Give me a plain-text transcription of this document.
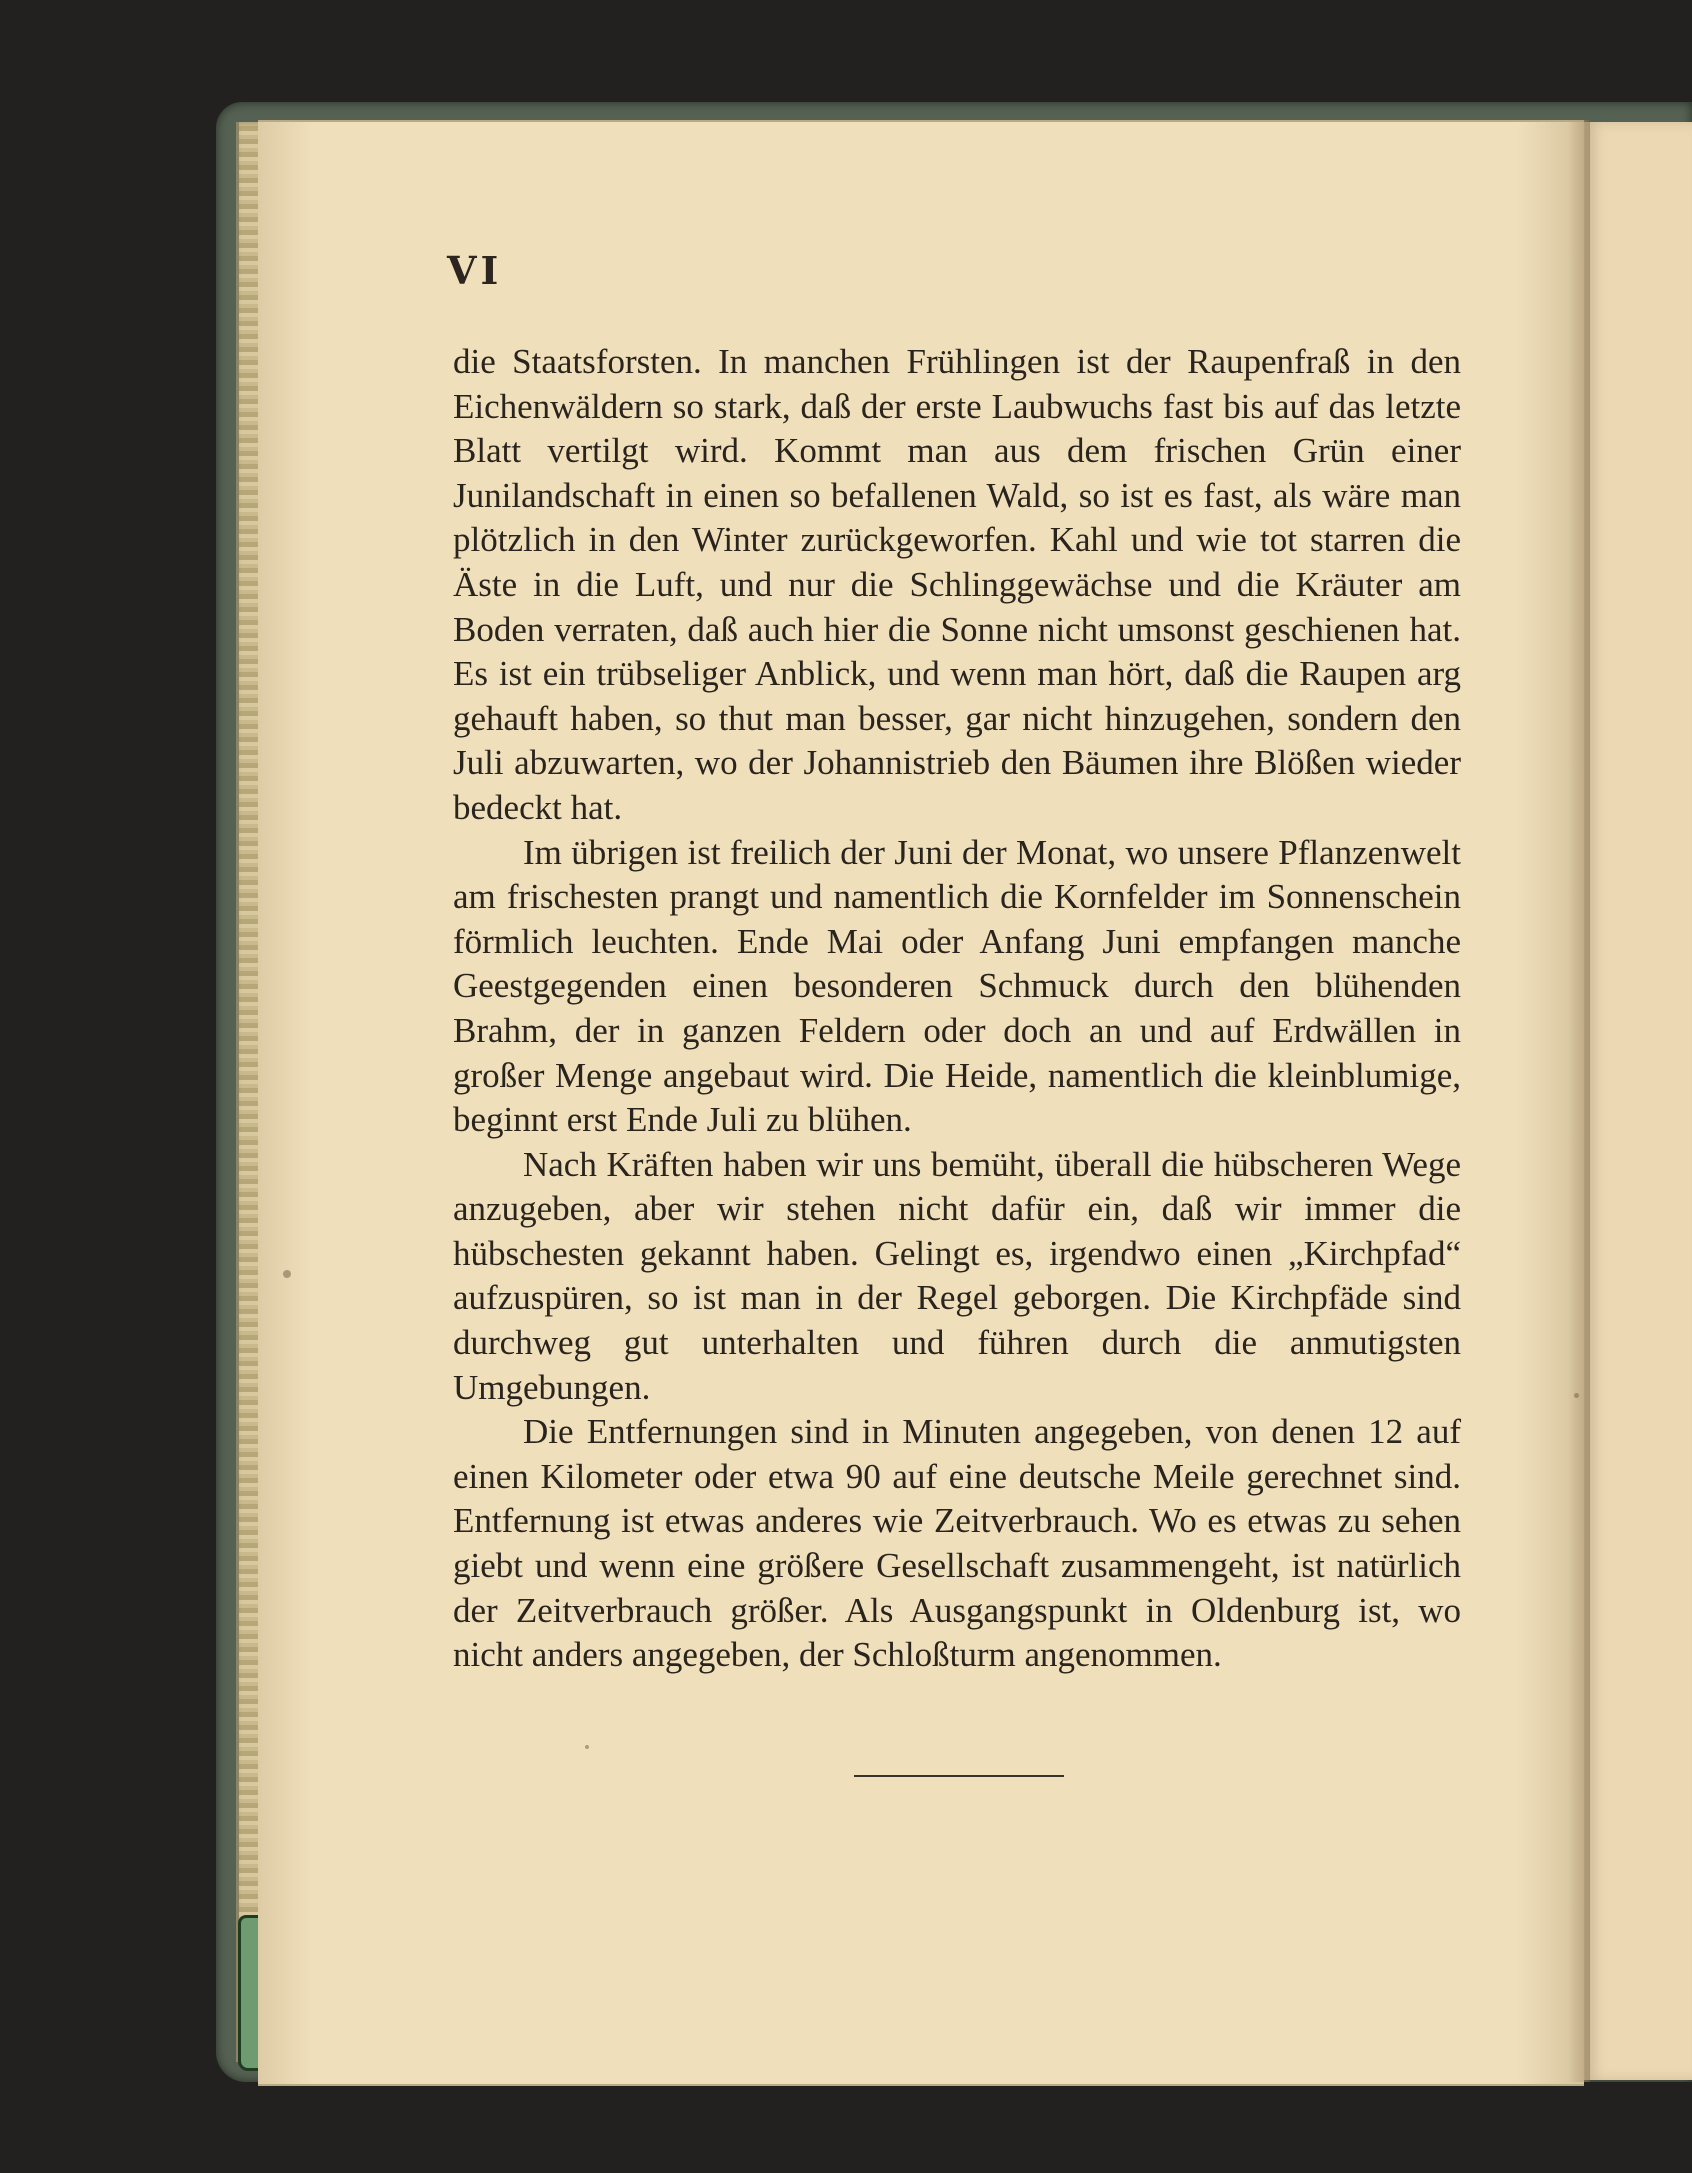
VI

die Staatsforsten. In manchen Frühlingen ist der Raupenfraß in den Eichenwäldern so stark, daß der erste Laubwuchs fast bis auf das letzte Blatt vertilgt wird. Kommt man aus dem frischen Grün einer Junilandschaft in einen so befallenen Wald, so ist es fast, als wäre man plötzlich in den Winter zurückgeworfen. Kahl und wie tot starren die Äste in die Luft, und nur die Schlinggewächse und die Kräuter am Boden verraten, daß auch hier die Sonne nicht umsonst geschienen hat. Es ist ein trübseliger Anblick, und wenn man hört, daß die Raupen arg gehauft haben, so thut man besser, gar nicht hinzugehen, sondern den Juli abzuwarten, wo der Johannistrieb den Bäumen ihre Blößen wieder bedeckt hat.

Im übrigen ist freilich der Juni der Monat, wo unsere Pflanzenwelt am frischesten prangt und namentlich die Kornfelder im Sonnenschein förmlich leuchten. Ende Mai oder Anfang Juni empfangen manche Geestgegenden einen besonderen Schmuck durch den blühenden Brahm, der in ganzen Feldern oder doch an und auf Erdwällen in großer Menge angebaut wird. Die Heide, namentlich die kleinblumige, beginnt erst Ende Juli zu blühen.

Nach Kräften haben wir uns bemüht, überall die hübscheren Wege anzugeben, aber wir stehen nicht dafür ein, daß wir immer die hübschesten gekannt haben. Gelingt es, irgendwo einen „Kirchpfad“ aufzuspüren, so ist man in der Regel geborgen. Die Kirchpfäde sind durchweg gut unterhalten und führen durch die anmutigsten Umgebungen.

Die Entfernungen sind in Minuten angegeben, von denen 12 auf einen Kilometer oder etwa 90 auf eine deutsche Meile gerechnet sind. Entfernung ist etwas anderes wie Zeitverbrauch. Wo es etwas zu sehen giebt und wenn eine größere Gesellschaft zusammengeht, ist natürlich der Zeitverbrauch größer. Als Ausgangspunkt in Oldenburg ist, wo nicht anders angegeben, der Schloßturm angenommen.
